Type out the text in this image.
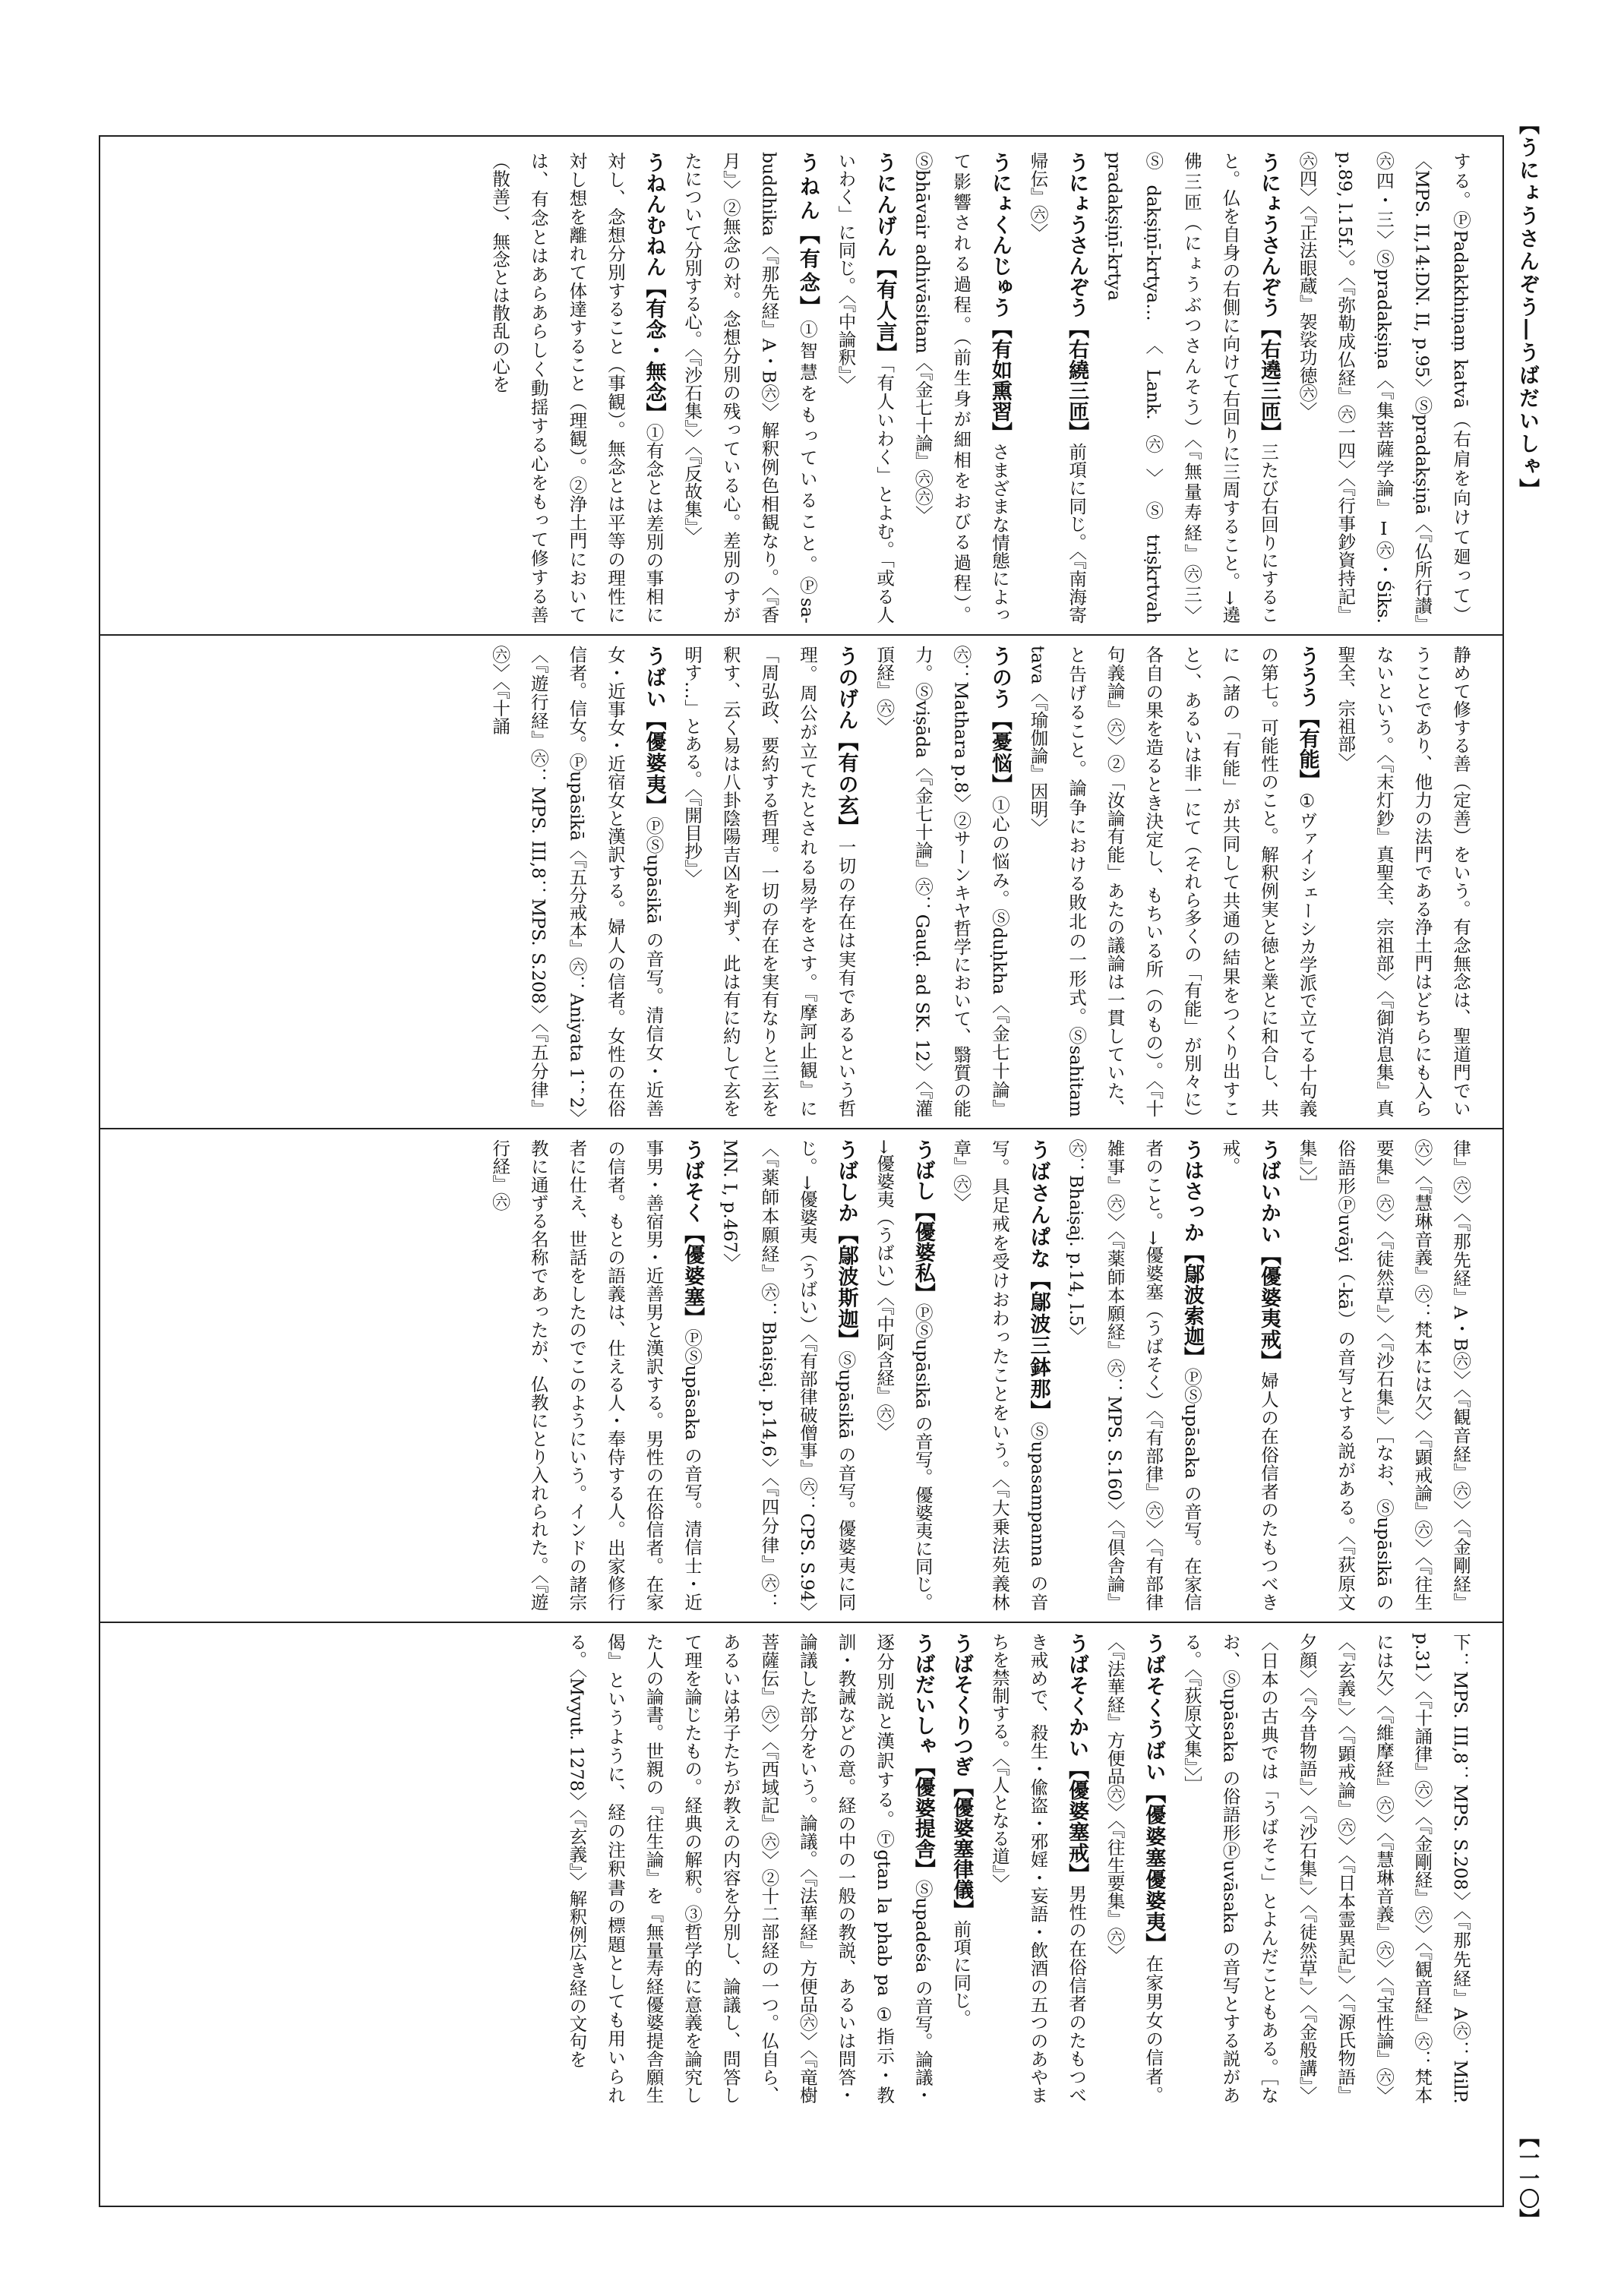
【うにょうさんぞう―うばだいしゃ】
【一一〇】
する。ⓅPadakkhiṇaṃ katvā（右肩を向けて廻って）〈MPS. II,14:DN. II, p.95〉Ⓢpradakṣiṇā〈『仏所行讃』㊅四・三〉Ⓢpradakṣiṇa〈『集菩薩学論』Ⅰ㊅・Śiks. p.89, l.15f.〉。〈『弥勒成仏経』㊅一四〉〈『行事鈔資持記』㊅四〉〈『正法眼蔵』袈裟功徳㊅〉
うにょうさんぞう【右遶三匝】三たび右回りにすること。仏を自身の右側に向けて右回りに三周すること。→遶佛三匝（にょうぶつさんそう）〈『無量寿経』㊅三〉Ⓢdakṣiṇī-krtya…〈Lank.㊅〉Ⓢtriṣkrtvah pradakṣiṇī-krtya
うにょうさんぞう【右繞三匝】前項に同じ。〈『南海寄帰伝』㊅〉
うにょくんじゅう【有如熏習】さまざまな情態によって影響される過程。（前生身が細相をおびる過程）。Ⓢbhāvair adhivāsitam〈『金七十論』㊅㊅〉
うにんげん【有人言】「有人いわく」とよむ。「或る人いわく」に同じ。〈『中論釈』〉
うねん【有念】①智慧をもっていること。Ⓟsa-buddhika〈『那先経』A・B㊅〉解釈例色相観なり。〈『香月』〉②無念の対。念想分別の残っている心。差別のすがたについて分別する心。〈『沙石集』〉〈『反故集』〉
うねんむねん【有念・無念】①有念とは差別の事相に対し、念想分別すること（事観）。無念とは平等の理性に対し想を離れて体達すること（理観）。②浄土門においては、有念とはあらあらしく動揺する心をもって修する善（散善）、無念とは散乱の心を
静めて修する善（定善）をいう。有念無念は、聖道門でいうことであり、他力の法門である浄土門はどちらにも入らないという。〈『末灯鈔』真聖全、宗祖部〉〈『御消息集』真聖全、宗祖部〉
ううう【有能】①ヴァイシェーシカ学派で立てる十句義の第七。可能性のこと。解釈例実と徳と業とに和合し、共に（諸の「有能」が共同して共通の結果をつくり出すこと）、あるいは非一にて（それら多くの「有能」が別々に）各自の果を造るとき決定し、もちいる所（のもの）。〈『十句義論』㊅〉②「汝論有能」あたの議論は一貫していた、と告げること。論争における敗北の一形式。Ⓢsahitam tava〈『瑜伽論』因明〉
うのう【憂悩】①心の悩み。Ⓢduḥkha〈『金七十論』㊅：Mathara p.8〉②サーンキヤ哲学において、翳質の能力。Ⓢviṣāda〈『金七十論』㊅：Gauḍ. ad SK. 12〉〈『灌頂経』㊅〉
うのげん【有の玄】一切の存在は実有であるという哲理。周公が立てたとされる易学をさす。『摩訶止観』に「周弘政、要約する哲理。一切の存在を実有なりと三玄を釈す、云く易は八卦陰陽吉凶を判ず、此は有に約して玄を明す…」とある。〈『開目抄』〉
うばい【優婆夷】ⓅⓈupāsikā の音写。清信女・近善女・近事女・近宿女と漢訳する。婦人の信者。女性の在俗信者。信女。Ⓟupāsikā〈『五分戒本』㊅：Aniyata 1；2〉〈『遊行経』㊅：MPS. III,8：MPS. S.208〉〈『五分律』㊅〉〈『十誦
律』㊅〉〈『那先経』A・B㊅〉〈『観音経』㊅〉〈『金剛経』㊅〉〈『慧琳音義』㊅：梵本には欠〉〈『顕戒論』㊅〉〈『往生要集』㊅〉〈『徒然草』〉〈『沙石集』〉［なお、Ⓢupāsikā の俗語形Ⓟuvāyi（-kā）の音写とする説がある。〈『荻原文集』〉］
うばいかい【優婆夷戒】婦人の在俗信者のたもつべき戒。
うはさっか【鄔波索迦】ⓅⓈupāsaka の音写。在家信者のこと。→優婆塞（うばそく）〈『有部律』㊅〉〈『有部律雑事』㊅〉〈『薬師本願経』㊅：MPS. S.160〉〈『倶舎論』㊅：Bhaiṣaj. p.14, l.5〉
うばさんぱな【鄔波三鉢那】Ⓢupasampanna の音写。具足戒を受けおわったことをいう。〈『大乗法苑義林章』㊅〉
うばし【優婆私】ⓅⓈupāsikā の音写。優婆夷に同じ。→優婆夷（うばい）〈『中阿含経』㊅〉
うばしか【鄔波斯迦】Ⓢupāsikā の音写。優婆夷に同じ。→優婆夷（うばい）〈『有部律破僧事』㊅：CPS. S.94〉〈『薬師本願経』㊅：Bhaiṣaj. p.14,6〉〈『四分律』㊅：MN. I, p.467〉
うばそく【優婆塞】ⓅⓈupāsaka の音写。清信士・近事男・善宿男・近善男と漢訳する。男性の在俗信者。在家の信者。もとの語義は、仕える人・奉侍する人。出家修行者に仕え、世話をしたのでこのようにいう。インドの諸宗教に通ずる名称であったが、仏教にとり入れられた。〈『遊行経』㊅
下：MPS. III,8：MPS. S.208〉〈『那先経』A㊅：MilP. p.31〉〈『十誦律』㊅〉〈『金剛経』㊅〉〈『観音経』㊅：梵本には欠〉〈『維摩経』㊅〉〈『慧琳音義』㊅〉〈『宝性論』㊅〉〈『玄義』〉〈『顕戒論』㊅〉〈『日本霊異記』〉〈『源氏物語』夕顔〉〈『今昔物語』〉〈『沙石集』〉〈『徒然草』〉〈『金般講』〉〈日本の古典では「うばそこ」とよんだこともある。［なお、Ⓢupāsaka の俗語形Ⓟuvāsaka の音写とする説がある。〈『荻原文集』〉］
うばそくうばい【優婆塞優婆夷】在家男女の信者。〈『法華経』方便品㊅〉〈『往生要集』㊅〉
うばそくかい【優婆塞戒】男性の在俗信者のたもつべき戒めで、殺生・偸盗・邪婬・妄語・飲酒の五つのあやまちを禁制する。〈『人となる道』〉
うばそくりつぎ【優婆塞律儀】前項に同じ。
うばだいしゃ【優婆提舎】Ⓢupadeśa の音写。論議・逐分別説と漢訳する。Ⓣgtan la phab pa ①指示・教訓・教誡などの意。経の中の一般の教説、あるいは問答・論議した部分をいう。論議。〈『法華経』方便品㊅〉〈『竜樹菩薩伝』㊅〉〈『西域記』㊅〉②十二部経の一つ。仏自ら、あるいは弟子たちが教えの内容を分別し、論議し、問答して理を論じたもの。経典の解釈。③哲学的に意義を論究した人の論書。世親の『往生論』を『無量寿経優婆提舎願生偈』というように、経の注釈書の標題としても用いられる。〈Mvyut. 1278〉〈『玄義』〉解釈例広き経の文句を
